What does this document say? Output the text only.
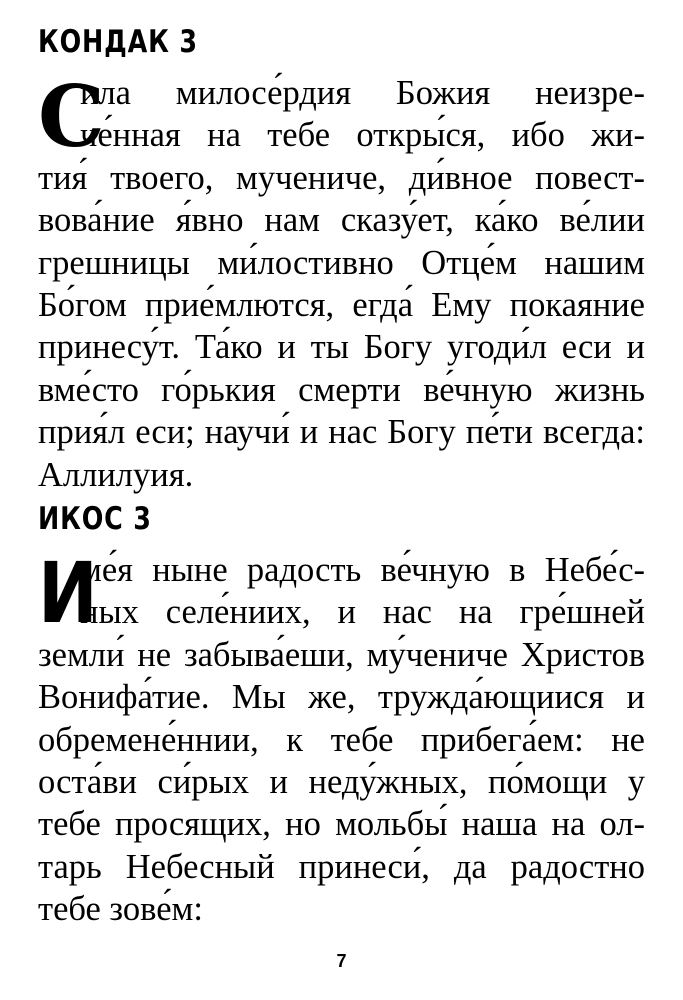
КОНДАК 3
С
ила милосе́рдия Божия неизре-
че́нная на тебе откры́ся, ибо жи-
тия́ твоего, мучениче, ди́вное повест-
вова́ние я́вно нам сказу́ет, ка́ко ве́лии
грешницы ми́лостивно Отце́м нашим
Бо́гом прие́млются, егда́ Ему покаяние
принесу́т. Та́ко и ты Богу угоди́л еси и
вме́сто го́рькия смерти ве́чную жизнь
прия́л еси; научи́ и нас Богу пе́ти всегда:
Аллилуия.
ИКОС 3
И
ме́я ныне радость ве́чную в Небе́с-
ных селе́ниих, и нас на гре́шней
земли́ не забыва́еши, му́чениче Христов
Вонифа́тие. Мы же, тружда́ющиися и
обремене́ннии, к тебе прибега́ем: не
оста́ви си́рых и неду́жных, по́мощи у
тебе просящих, но мольбы́ наша на ол-
тарь Небесный принеси́, да радостно
тебе зове́м:
7
